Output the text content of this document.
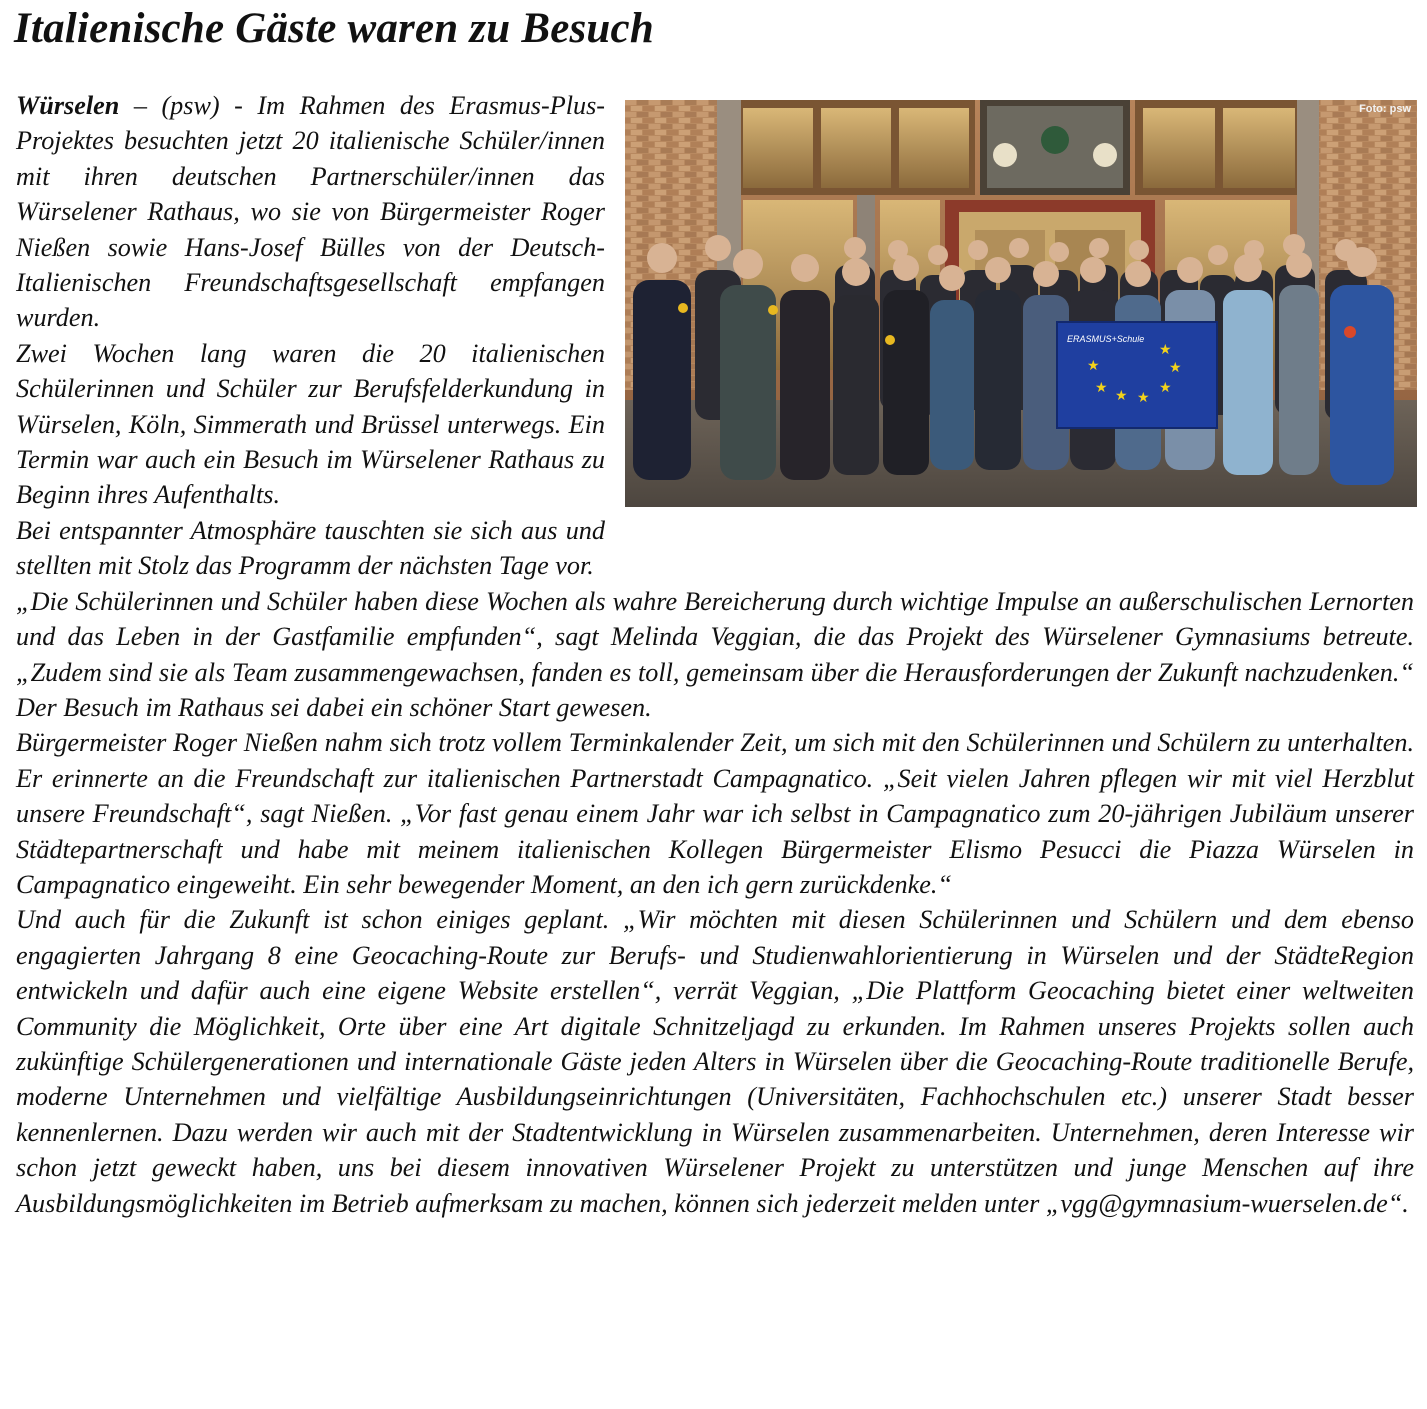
Italienische Gäste waren zu Besuch
ERASMUS+Schule
★ ★ ★
★
★
★
★
Foto: psw

Würselen – (psw) - Im Rahmen des Erasmus-Plus-Projektes besuchten jetzt 20 italienische Schüler/innen mit ihren deutschen Partnerschüler/innen das Würselener Rathaus, wo sie von Bürgermeister Roger Nießen sowie Hans-Josef Bülles von der Deutsch-Italienischen Freundschaftsgesellschaft empfangen wurden.

Zwei Wochen lang waren die 20 italienischen Schülerinnen und Schüler zur Berufsfelderkundung in Würselen, Köln, Simmerath und Brüssel unterwegs. Ein Termin war auch ein Besuch im Würselener Rathaus zu Beginn ihres Aufenthalts.

Bei entspannter Atmosphäre tauschten sie sich aus und stellten mit Stolz das Programm der nächsten Tage vor.

„Die Schülerinnen und Schüler haben diese Wochen als wahre Bereicherung durch wichtige Impulse an außerschulischen Lernorten und das Leben in der Gastfamilie empfunden“, sagt Melinda Veggian, die das Projekt des Würselener Gymnasiums betreute. „Zudem sind sie als Team zusammengewachsen, fanden es toll, gemeinsam über die Herausforderungen der Zukunft nachzudenken.“ Der Besuch im Rathaus sei dabei ein schöner Start gewesen.

Bürgermeister Roger Nießen nahm sich trotz vollem Terminkalender Zeit, um sich mit den Schülerinnen und Schülern zu unterhalten. Er erinnerte an die Freundschaft zur italienischen Partnerstadt Campagnatico. „Seit vielen Jahren pflegen wir mit viel Herzblut unsere Freundschaft“, sagt Nießen. „Vor fast genau einem Jahr war ich selbst in Campagnatico zum 20-jährigen Jubiläum unserer Städtepartnerschaft und habe mit meinem italienischen Kollegen Bürgermeister Elismo Pesucci die Piazza Würselen in Campagnatico eingeweiht. Ein sehr bewegender Moment, an den ich gern zurückdenke.“

Und auch für die Zukunft ist schon einiges geplant. „Wir möchten mit diesen Schülerinnen und Schülern und dem ebenso engagierten Jahrgang 8 eine Geocaching-Route zur Berufs- und Studienwahlorientierung in Würselen und der StädteRegion entwickeln und dafür auch eine eigene Website erstellen“, verrät Veggian, „Die Plattform Geocaching bietet einer weltweiten Community die Möglichkeit, Orte über eine Art digitale Schnitzeljagd zu erkunden. Im Rahmen unseres Projekts sollen auch zukünftige Schülergenerationen und internationale Gäste jeden Alters in Würselen über die Geocaching-Route traditionelle Berufe, moderne Unternehmen und vielfältige Ausbildungseinrichtungen (Universitäten, Fachhochschulen etc.) unserer Stadt besser kennenlernen. Dazu werden wir auch mit der Stadtentwicklung in Würselen zusammenarbeiten. Unternehmen, deren Interesse wir schon jetzt geweckt haben, uns bei diesem innovativen Würselener Projekt zu unterstützen und junge Menschen auf ihre Ausbildungsmöglichkeiten im Betrieb aufmerksam zu machen, können sich jederzeit melden unter „vgg@gymnasium-wuerselen.de“.
